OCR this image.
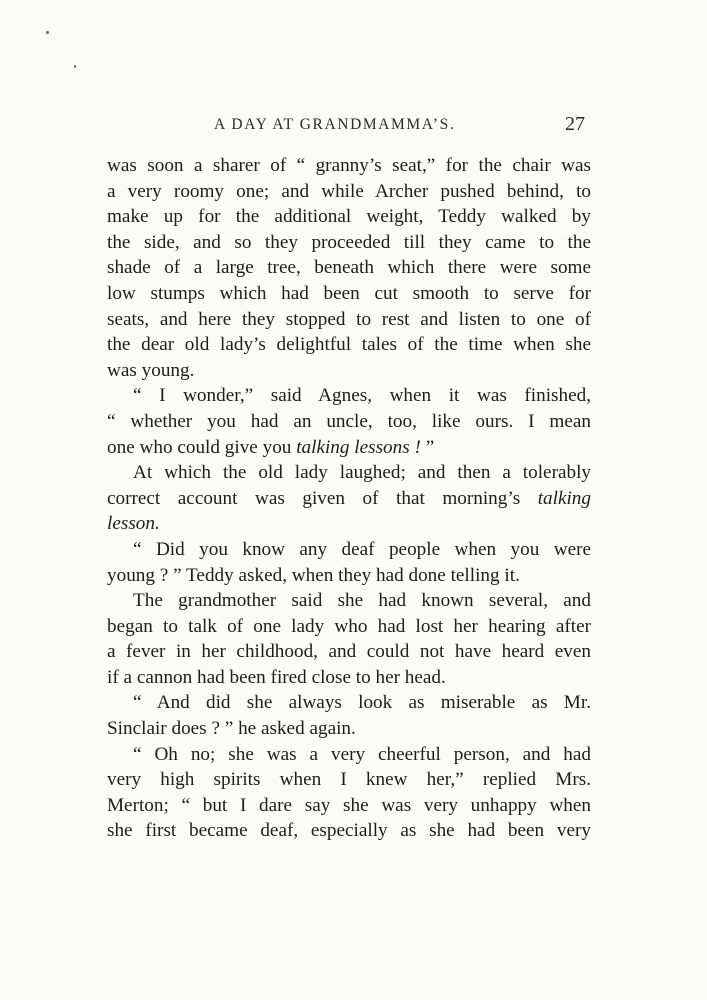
A DAY AT GRANDMAMMA’S.	27
was soon a sharer of “ granny’s seat,” for the chair was
a very roomy one; and while Archer pushed behind, to
make up for the additional weight, Teddy walked by
the side, and so they proceeded till they came to the
shade of a large tree, beneath which there were some
low stumps which had been cut smooth to serve for
seats, and here they stopped to rest and listen to one of
the dear old lady’s delightful tales of the time when she
was young.
“ I wonder,” said Agnes, when it was finished,
“ whether you had an uncle, too, like ours. I mean
one who could give you talking lessons ! ”
At which the old lady laughed; and then a tolerably
correct account was given of that morning’s talking
lesson.
“ Did you know any deaf people when you were
young ? ” Teddy asked, when they had done telling it.
The grandmother said she had known several, and
began to talk of one lady who had lost her hearing after
a fever in her childhood, and could not have heard even
if a cannon had been fired close to her head.
“ And did she always look as miserable as Mr.
Sinclair does ? ” he asked again.
“ Oh no; she was a very cheerful person, and had
very high spirits when I knew her,” replied Mrs.
Merton; “ but I dare say she was very unhappy when
she first became deaf, especially as she had been very
